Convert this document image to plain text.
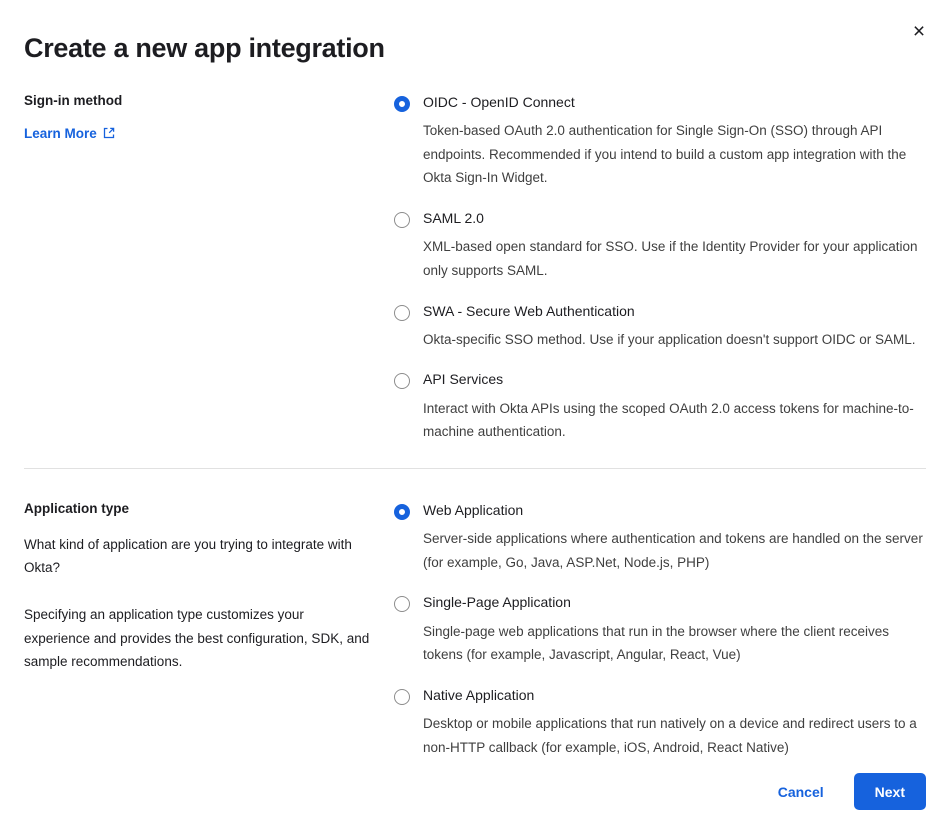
×
Create a new app integration

Sign-in method

Learn More

OIDC - OpenID Connect

Token-based OAuth 2.0 authentication for Single Sign-On (SSO) through API endpoints. Recommended if you intend to build a custom app integration with the Okta Sign-In Widget.

SAML 2.0

XML-based open standard for SSO. Use if the Identity Provider for your application only supports SAML.

SWA - Secure Web Authentication

Okta-specific SSO method. Use if your application doesn't support OIDC or SAML.

API Services

Interact with Okta APIs using the scoped OAuth 2.0 access tokens for machine-to-machine authentication.

Application type

What kind of application are you trying to integrate with Okta?

Specifying an application type customizes your experience and provides the best configuration, SDK, and sample recommendations.

Web Application

Server-side applications where authentication and tokens are handled on the server (for example, Go, Java, ASP.Net, Node.js, PHP)

Single-Page Application

Single-page web applications that run in the browser where the client receives tokens (for example, Javascript, Angular, React, Vue)

Native Application

Desktop or mobile applications that run natively on a device and redirect users to a non-HTTP callback (for example, iOS, Android, React Native)

Cancel	Next
